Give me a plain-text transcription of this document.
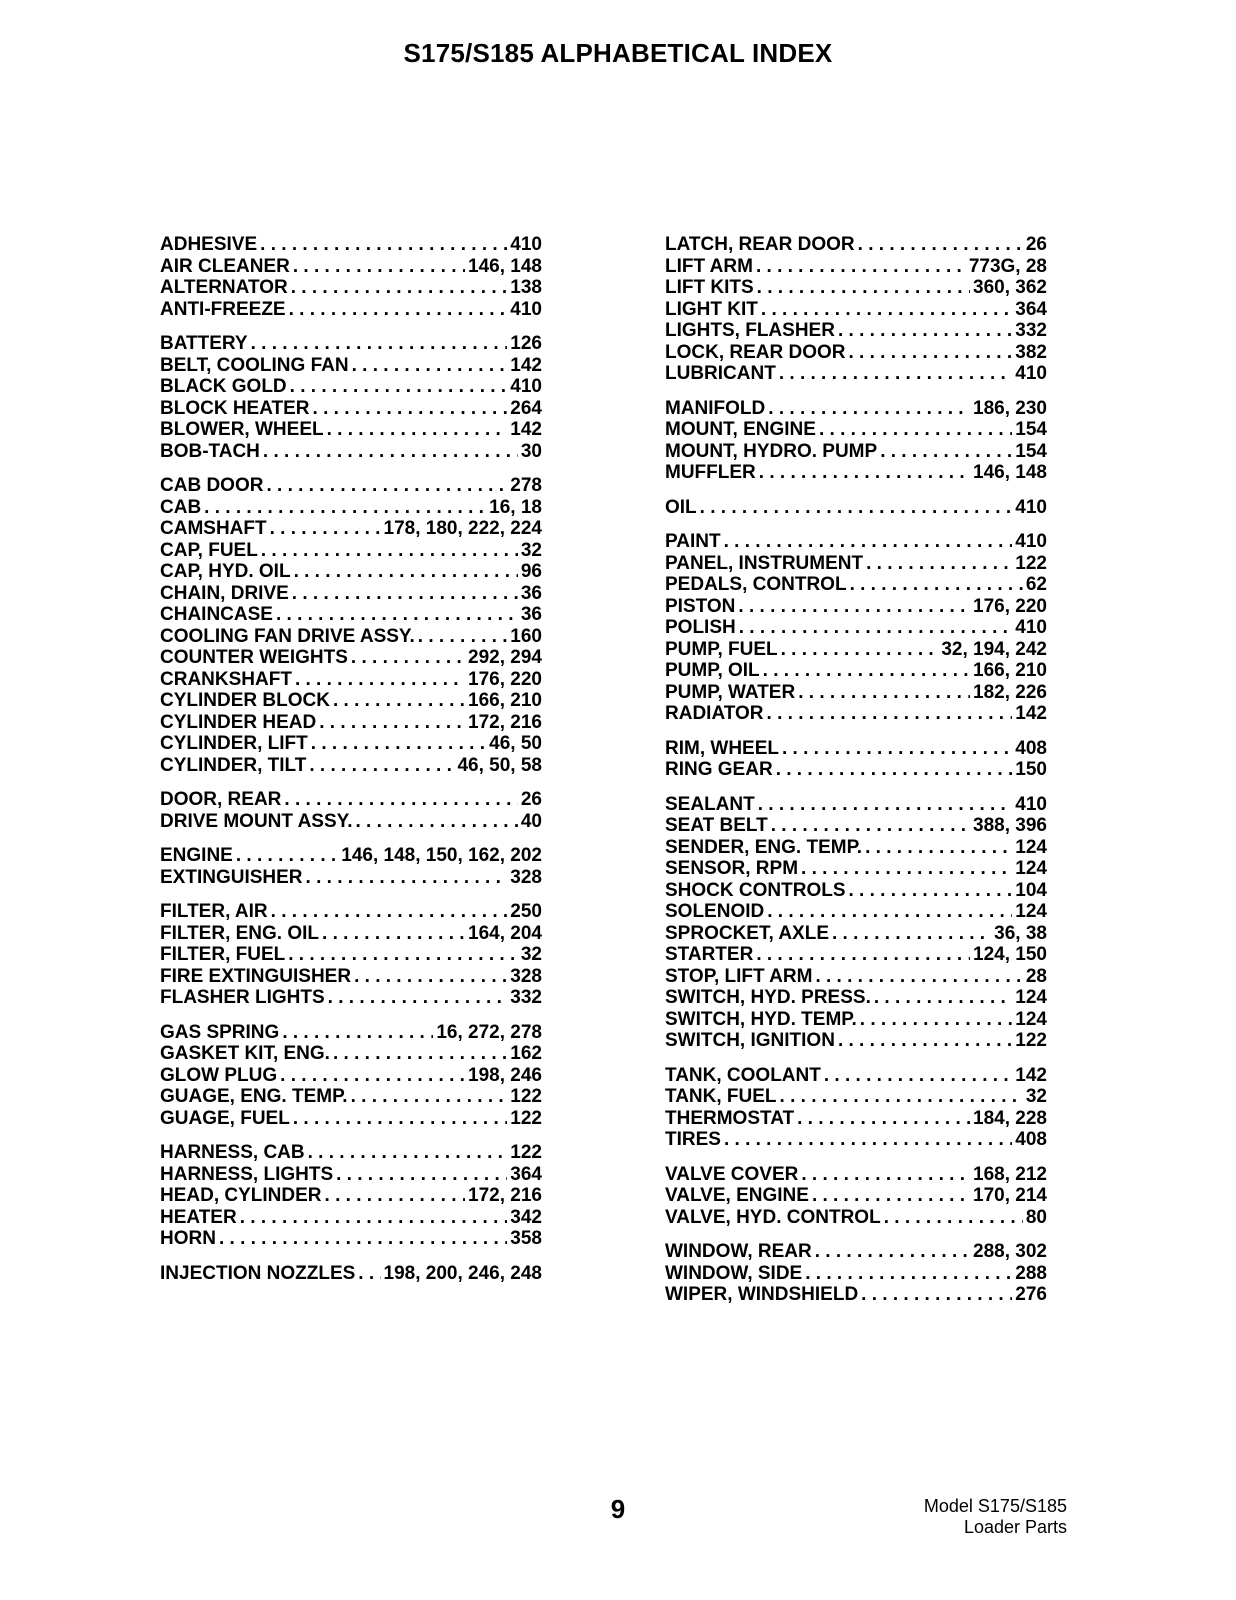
S175/S185 ALPHABETICAL INDEX
ADHESIVE . . .	410
AIR CLEANER . . .	146, 148
ALTERNATOR . . .	138
ANTI-FREEZE . . .	410
BATTERY . . .	126
BELT, COOLING FAN . . .	142
BLACK GOLD . . .	410
BLOCK HEATER . . .	264
BLOWER, WHEEL . . .	142
BOB-TACH . . .	30
CAB DOOR . . .	278
CAB . . .	16, 18
CAMSHAFT . . .	178, 180, 222, 224
CAP, FUEL . . .	32
CAP, HYD. OIL . . .	96
CHAIN, DRIVE . . .	36
CHAINCASE . . .	36
COOLING FAN DRIVE ASSY. . . .	160
COUNTER WEIGHTS . . .	292, 294
CRANKSHAFT . . .	176, 220
CYLINDER BLOCK . . .	166, 210
CYLINDER HEAD . . .	172, 216
CYLINDER, LIFT . . .	46, 50
CYLINDER, TILT . . .	46, 50, 58
DOOR, REAR . . .	26
DRIVE MOUNT ASSY. . . .	40
ENGINE . . .	146, 148, 150, 162, 202
EXTINGUISHER . . .	328
FILTER, AIR . . .	250
FILTER, ENG. OIL . . .	164, 204
FILTER, FUEL . . .	32
FIRE EXTINGUISHER . . .	328
FLASHER LIGHTS . . .	332
GAS SPRING . . .	16, 272, 278
GASKET KIT, ENG. . . .	162
GLOW PLUG . . .	198, 246
GUAGE, ENG. TEMP. . . .	122
GUAGE, FUEL . . .	122
HARNESS, CAB . . .	122
HARNESS, LIGHTS . . .	364
HEAD, CYLINDER . . .	172, 216
HEATER . . .	342
HORN . . .	358
INJECTION NOZZLES . . . 198, 200, 246, 248
LATCH, REAR DOOR . . .	26
LIFT ARM . . .	773G, 28
LIFT KITS . . .	360, 362
LIGHT KIT . . .	364
LIGHTS, FLASHER . . .	332
LOCK, REAR DOOR . . .	382
LUBRICANT . . .	410
MANIFOLD . . .	186, 230
MOUNT, ENGINE . . .	154
MOUNT, HYDRO. PUMP . . .	154
MUFFLER . . .	146, 148
OIL . . .	410
PAINT . . .	410
PANEL, INSTRUMENT . . .	122
PEDALS, CONTROL . . .	62
PISTON . . .	176, 220
POLISH . . .	410
PUMP, FUEL . . .	32, 194, 242
PUMP, OIL . . .	166, 210
PUMP, WATER . . .	182, 226
RADIATOR . . .	142
RIM, WHEEL . . .	408
RING GEAR . . .	150
SEALANT . . .	410
SEAT BELT . . .	388, 396
SENDER, ENG. TEMP. . . .	124
SENSOR, RPM . . .	124
SHOCK CONTROLS . . .	104
SOLENOID . . .	124
SPROCKET, AXLE . . .	36, 38
STARTER . . .	124, 150
STOP, LIFT ARM . . .	28
SWITCH, HYD. PRESS. . . .	124
SWITCH, HYD. TEMP. . . .	124
SWITCH, IGNITION . . .	122
TANK, COOLANT . . .	142
TANK, FUEL . . .	32
THERMOSTAT . . .	184, 228
TIRES . . .	408
VALVE COVER . . .	168, 212
VALVE, ENGINE . . .	170, 214
VALVE, HYD. CONTROL . . .	80
WINDOW, REAR . . .	288, 302
WINDOW, SIDE . . .	288
WIPER, WINDSHIELD . . .	276
9	Model S175/S185
Loader Parts
